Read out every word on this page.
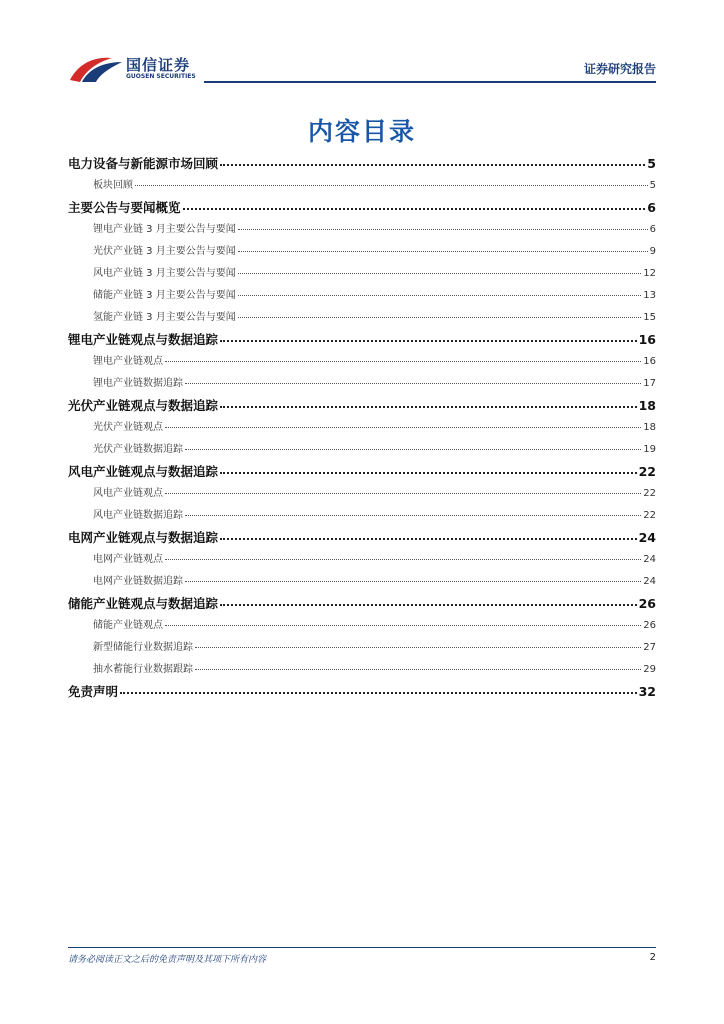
国信证券
GUOSEN SECURITIES
证券研究报告
内容目录
电力设备与新能源市场回顾	5
板块回顾	5
主要公告与要闻概览	6
锂电产业链 3 月主要公告与要闻	6
光伏产业链 3 月主要公告与要闻	9
风电产业链 3 月主要公告与要闻	12
储能产业链 3 月主要公告与要闻	13
氢能产业链 3 月主要公告与要闻	15
锂电产业链观点与数据追踪	16
锂电产业链观点	16
锂电产业链数据追踪	17
光伏产业链观点与数据追踪	18
光伏产业链观点	18
光伏产业链数据追踪	19
风电产业链观点与数据追踪	22
风电产业链观点	22
风电产业链数据追踪	22
电网产业链观点与数据追踪	24
电网产业链观点	24
电网产业链数据追踪	24
储能产业链观点与数据追踪	26
储能产业链观点	26
新型储能行业数据追踪	27
抽水蓄能行业数据跟踪	29
免责声明	32
请务必阅读正文之后的免责声明及其项下所有内容	2
